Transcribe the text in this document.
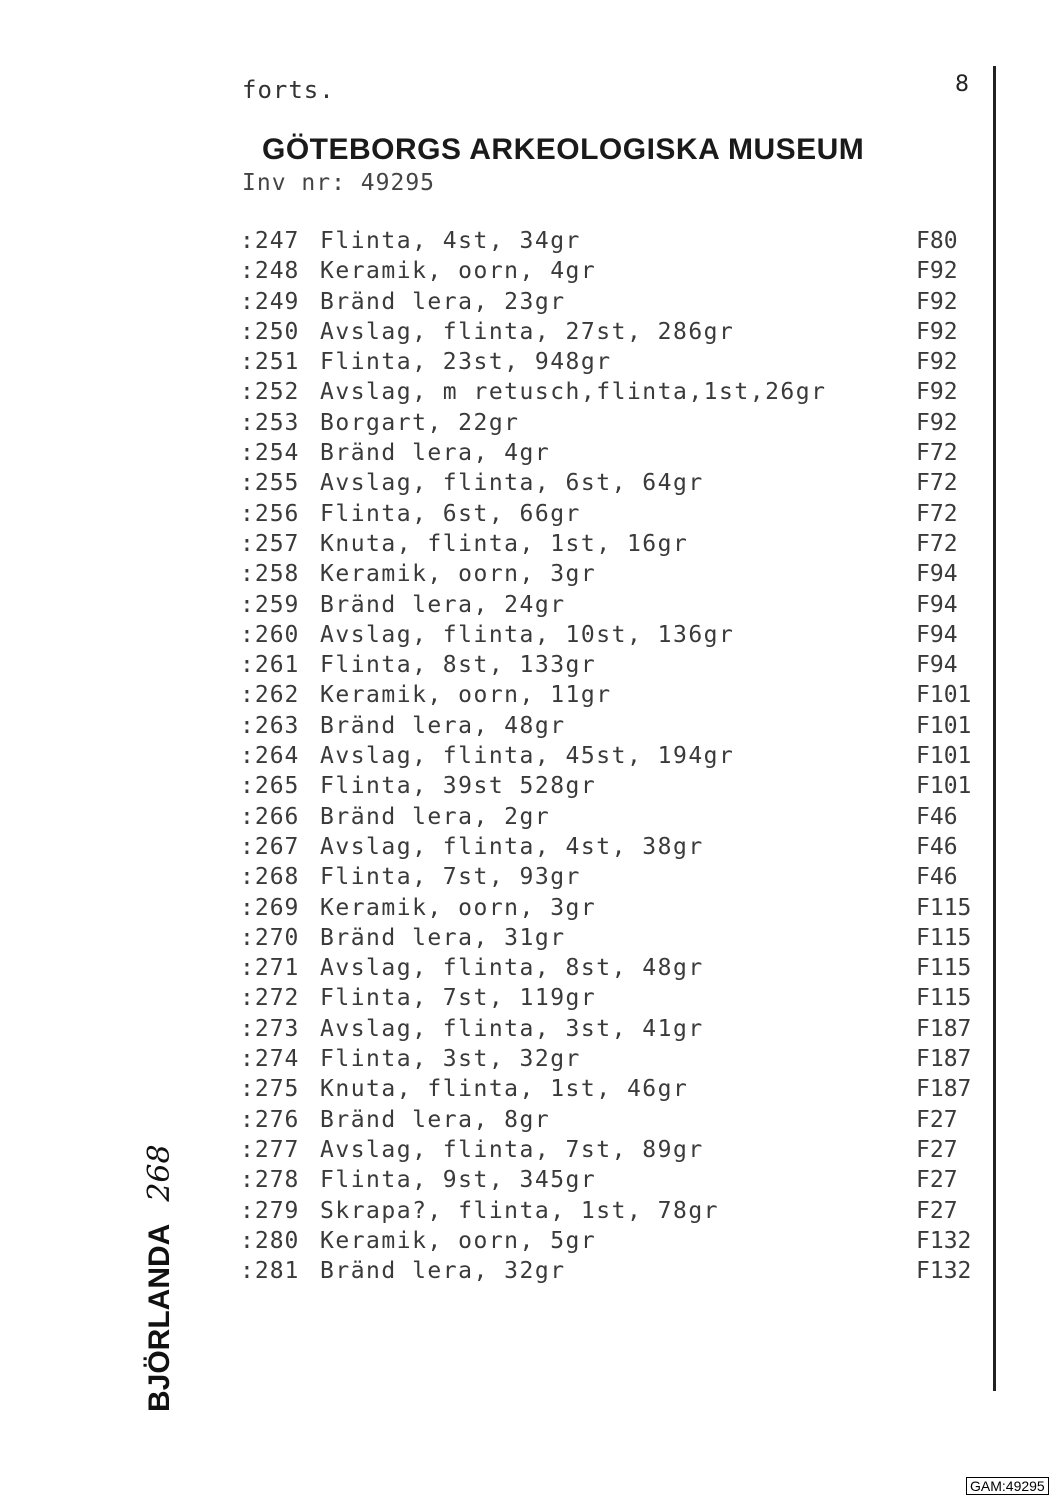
forts.	8
GÖTEBORGS ARKEOLOGISKA MUSEUM
Inv nr: 49295
:247 Flinta, 4st, 34gr	F80
:248 Keramik, oorn, 4gr	F92
:249 Bränd lera, 23gr	F92
:250 Avslag, flinta, 27st, 286gr	F92
:251 Flinta, 23st, 948gr	F92
:252 Avslag, m retusch,flinta,1st,26gr	F92
:253 Borgart, 22gr	F92
:254 Bränd lera, 4gr	F72
:255 Avslag, flinta, 6st, 64gr	F72
:256 Flinta, 6st, 66gr	F72
:257 Knuta, flinta, 1st, 16gr	F72
:258 Keramik, oorn, 3gr	F94
:259 Bränd lera, 24gr	F94
:260 Avslag, flinta, 10st, 136gr	F94
:261 Flinta, 8st, 133gr	F94
:262 Keramik, oorn, 11gr	F101
:263 Bränd lera, 48gr	F101
:264 Avslag, flinta, 45st, 194gr	F101
:265 Flinta, 39st 528gr	F101
:266 Bränd lera, 2gr	F46
:267 Avslag, flinta, 4st, 38gr	F46
:268 Flinta, 7st, 93gr	F46
:269 Keramik, oorn, 3gr	F115
:270 Bränd lera, 31gr	F115
:271 Avslag, flinta, 8st, 48gr	F115
:272 Flinta, 7st, 119gr	F115
:273 Avslag, flinta, 3st, 41gr	F187
:274 Flinta, 3st, 32gr	F187
:275 Knuta, flinta, 1st, 46gr	F187
:276 Bränd lera, 8gr	F27
:277 Avslag, flinta, 7st, 89gr	F27
:278 Flinta, 9st, 345gr	F27
:279 Skrapa?, flinta, 1st, 78gr	F27
:280 Keramik, oorn, 5gr	F132
:281 Bränd lera, 32gr	F132
BJÖRLANDA268
GAM:49295
